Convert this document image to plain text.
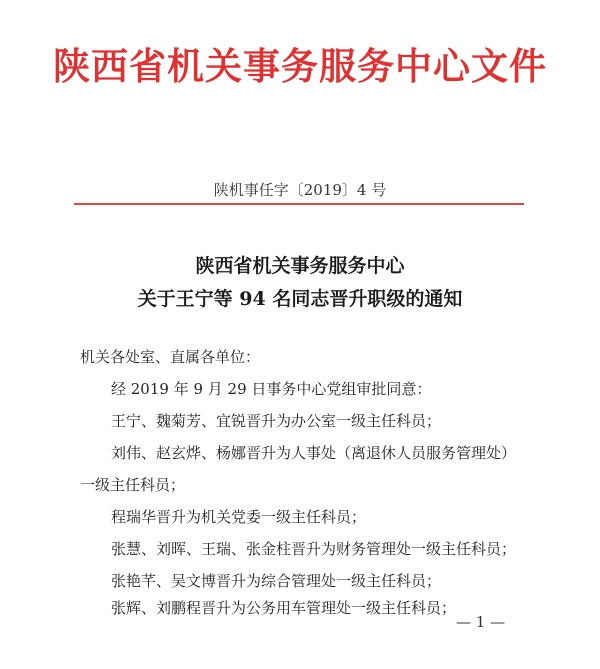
陕西省机关事务服务中心文件
陕机事任字〔2019〕4 号
陕西省机关事务服务中心
关于王宁等 94 名同志晋升职级的通知
机关各处室、直属各单位：
经 2019 年 9 月 29 日事务中心党组审批同意：
王宁、魏菊芳、宜锐晋升为办公室一级主任科员；
刘伟、赵玄烨、杨娜晋升为人事处（离退休人员服务管理处）
一级主任科员；
程瑞华晋升为机关党委一级主任科员；
张慧、刘晖、王瑞、张金柱晋升为财务管理处一级主任科员；
张艳芊、吴文博晋升为综合管理处一级主任科员；
张辉、刘鹏程晋升为公务用车管理处一级主任科员；
— 1 —
